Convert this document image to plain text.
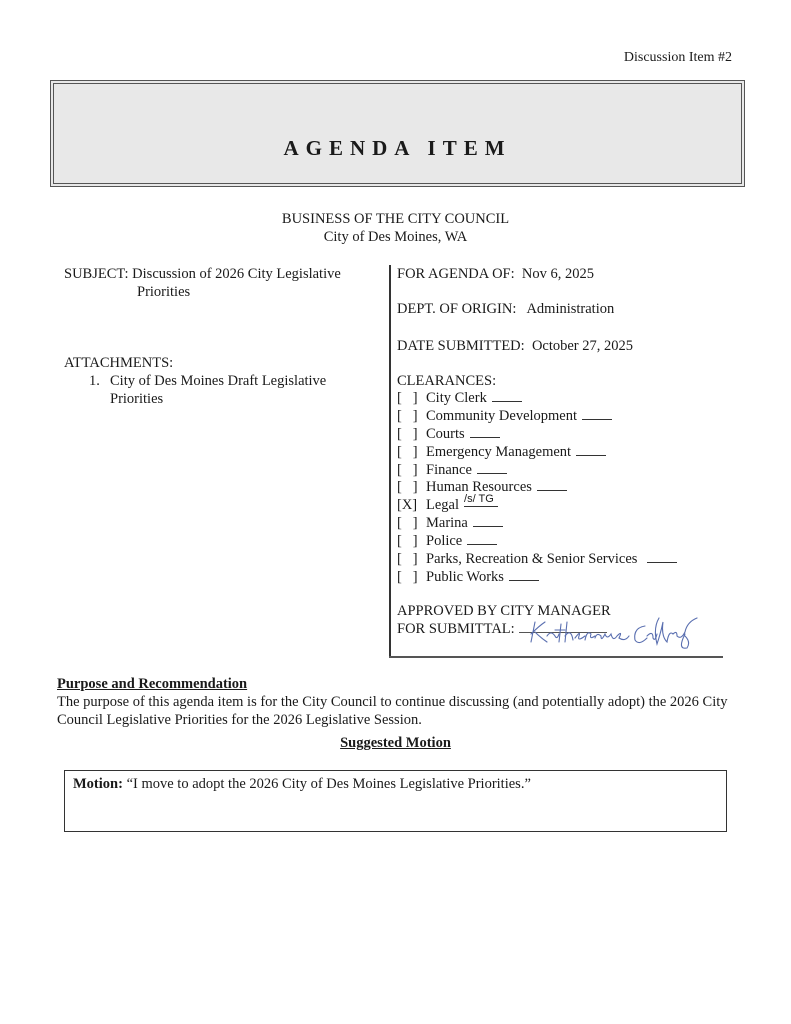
Discussion Item #2
AGENDA ITEM
BUSINESS OF THE CITY COUNCIL
City of Des Moines, WA
SUBJECT: Discussion of 2026 City Legislative
Priorities
ATTACHMENTS:
1. City of Des Moines Draft Legislative
Priorities
FOR AGENDA OF: Nov 6, 2025
DEPT. OF ORIGIN: Administration
DATE SUBMITTED: October 27, 2025
CLEARANCES:
[   ] City Clerk
[   ] Community Development
[   ] Courts
[   ] Emergency Management
[   ] Finance
[   ] Human Resources
[X] Legal /s/ TG
[   ] Marina
[   ] Police
[   ] Parks, Recreation & Senior Services
[   ] Public Works
APPROVED BY CITY MANAGER
FOR SUBMITTAL:
Purpose and Recommendation
The purpose of this agenda item is for the City Council to continue discussing (and potentially adopt) the 2026 City Council Legislative Priorities for the 2026 Legislative Session.
Suggested Motion
Motion: “I move to adopt the 2026 City of Des Moines Legislative Priorities.”
